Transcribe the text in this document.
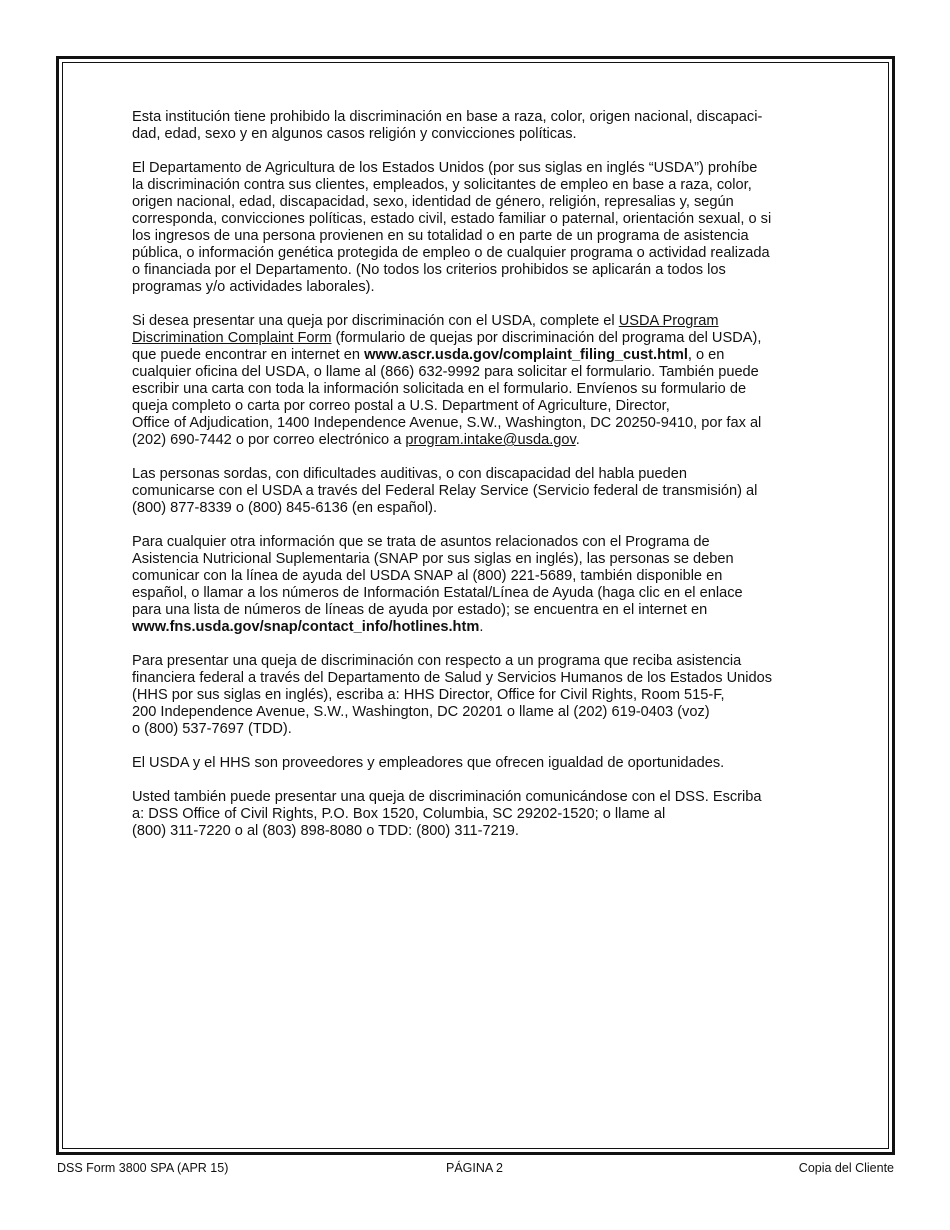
Esta institución tiene prohibido la discriminación en base a raza, color, origen nacional, discapaci-
dad, edad, sexo y en algunos casos religión y convicciones políticas.

El Departamento de Agricultura de los Estados Unidos (por sus siglas en inglés “USDA”) prohíbe
la discriminación contra sus clientes, empleados, y solicitantes de empleo en base a raza, color,
origen nacional, edad, discapacidad, sexo, identidad de género, religión, represalias y, según
corresponda, convicciones políticas, estado civil, estado familiar o paternal, orientación sexual, o si
los ingresos de una persona provienen en su totalidad o en parte de un programa de asistencia
pública, o información genética protegida de empleo o de cualquier programa o actividad realizada
o financiada por el Departamento. (No todos los criterios prohibidos se aplicarán a todos los
programas y/o actividades laborales).

Si desea presentar una queja por discriminación con el USDA, complete el USDA Program
Discrimination Complaint Form (formulario de quejas por discriminación del programa del USDA),
que puede encontrar en internet en www.ascr.usda.gov/complaint_filing_cust.html, o en
cualquier oficina del USDA, o llame al (866) 632-9992 para solicitar el formulario. También puede
escribir una carta con toda la información solicitada en el formulario. Envíenos su formulario de
queja completo o carta por correo postal a U.S. Department of Agriculture, Director,
Office of Adjudication, 1400 Independence Avenue, S.W., Washington, DC 20250-9410, por fax al
(202) 690-7442 o por correo electrónico a program.intake@usda.gov.

Las personas sordas, con dificultades auditivas, o con discapacidad del habla pueden
comunicarse con el USDA a través del Federal Relay Service (Servicio federal de transmisión) al
(800) 877-8339 o (800) 845-6136 (en español).

Para cualquier otra información que se trata de asuntos relacionados con el Programa de
Asistencia Nutricional Suplementaria (SNAP por sus siglas en inglés), las personas se deben
comunicar con la línea de ayuda del USDA SNAP al (800) 221-5689, también disponible en
español, o llamar a los números de Información Estatal/Línea de Ayuda (haga clic en el enlace
para una lista de números de líneas de ayuda por estado); se encuentra en el internet en
www.fns.usda.gov/snap/contact_info/hotlines.htm.

Para presentar una queja de discriminación con respecto a un programa que reciba asistencia
financiera federal a través del Departamento de Salud y Servicios Humanos de los Estados Unidos
(HHS por sus siglas en inglés), escriba a: HHS Director, Office for Civil Rights, Room 515-F,
200 Independence Avenue, S.W., Washington, DC 20201 o llame al (202) 619-0403 (voz)
o (800) 537-7697 (TDD).

El USDA y el HHS son proveedores y empleadores que ofrecen igualdad de oportunidades.

Usted también puede presentar una queja de discriminación comunicándose con el DSS. Escriba
a: DSS Office of Civil Rights, P.O. Box 1520, Columbia, SC 29202-1520; o llame al
(800) 311-7220 o al (803) 898-8080 o TDD: (800) 311-7219.

DSS Form 3800 SPA (APR 15)	PÁGINA 2	Copia del Cliente
